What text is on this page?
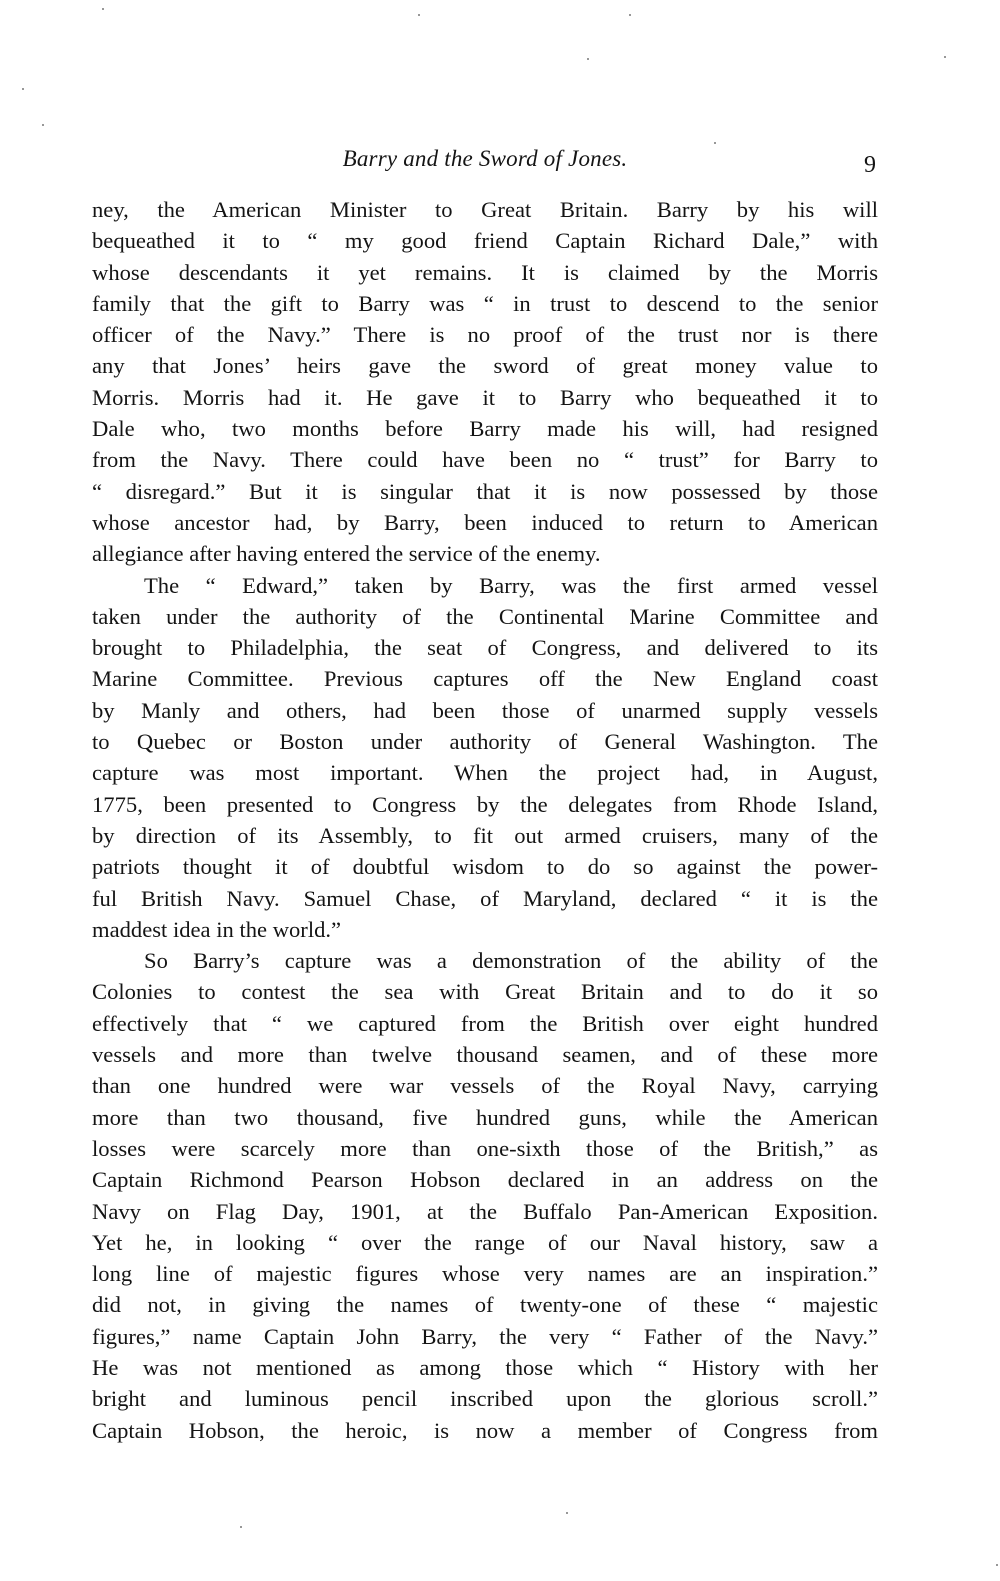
Barry and the Sword of Jones.	9

ney, the American Minister to Great Britain. Barry by his will

bequeathed it to “ my good friend Captain Richard Dale,” with

whose descendants it yet remains. It is claimed by the Morris

family that the gift to Barry was “ in trust to descend to the senior

officer of the Navy.” There is no proof of the trust nor is there

any that Jones’ heirs gave the sword of great money value to

Morris. Morris had it. He gave it to Barry who bequeathed it to

Dale who, two months before Barry made his will, had resigned

from the Navy. There could have been no “ trust” for Barry to

“ disregard.” But it is singular that it is now possessed by those

whose ancestor had, by Barry, been induced to return to American

allegiance after having entered the service of the enemy.

The “ Edward,” taken by Barry, was the first armed vessel

taken under the authority of the Continental Marine Committee and

brought to Philadelphia, the seat of Congress, and delivered to its

Marine Committee. Previous captures off the New England coast

by Manly and others, had been those of unarmed supply vessels

to Quebec or Boston under authority of General Washington. The

capture was most important. When the project had, in August,

1775, been presented to Congress by the delegates from Rhode Island,

by direction of its Assembly, to fit out armed cruisers, many of the

patriots thought it of doubtful wisdom to do so against the power-

ful British Navy. Samuel Chase, of Maryland, declared “ it is the

maddest idea in the world.”

So Barry’s capture was a demonstration of the ability of the

Colonies to contest the sea with Great Britain and to do it so

effectively that “ we captured from the British over eight hundred

vessels and more than twelve thousand seamen, and of these more

than one hundred were war vessels of the Royal Navy, carrying

more than two thousand, five hundred guns, while the American

losses were scarcely more than one-sixth those of the British,” as

Captain Richmond Pearson Hobson declared in an address on the

Navy on Flag Day, 1901, at the Buffalo Pan-American Exposition.

Yet he, in looking “ over the range of our Naval history, saw a

long line of majestic figures whose very names are an inspiration.”

did not, in giving the names of twenty-one of these “ majestic

figures,” name Captain John Barry, the very “ Father of the Navy.”

He was not mentioned as among those which “ History with her

bright and luminous pencil inscribed upon the glorious scroll.”

Captain Hobson, the heroic, is now a member of Congress from
